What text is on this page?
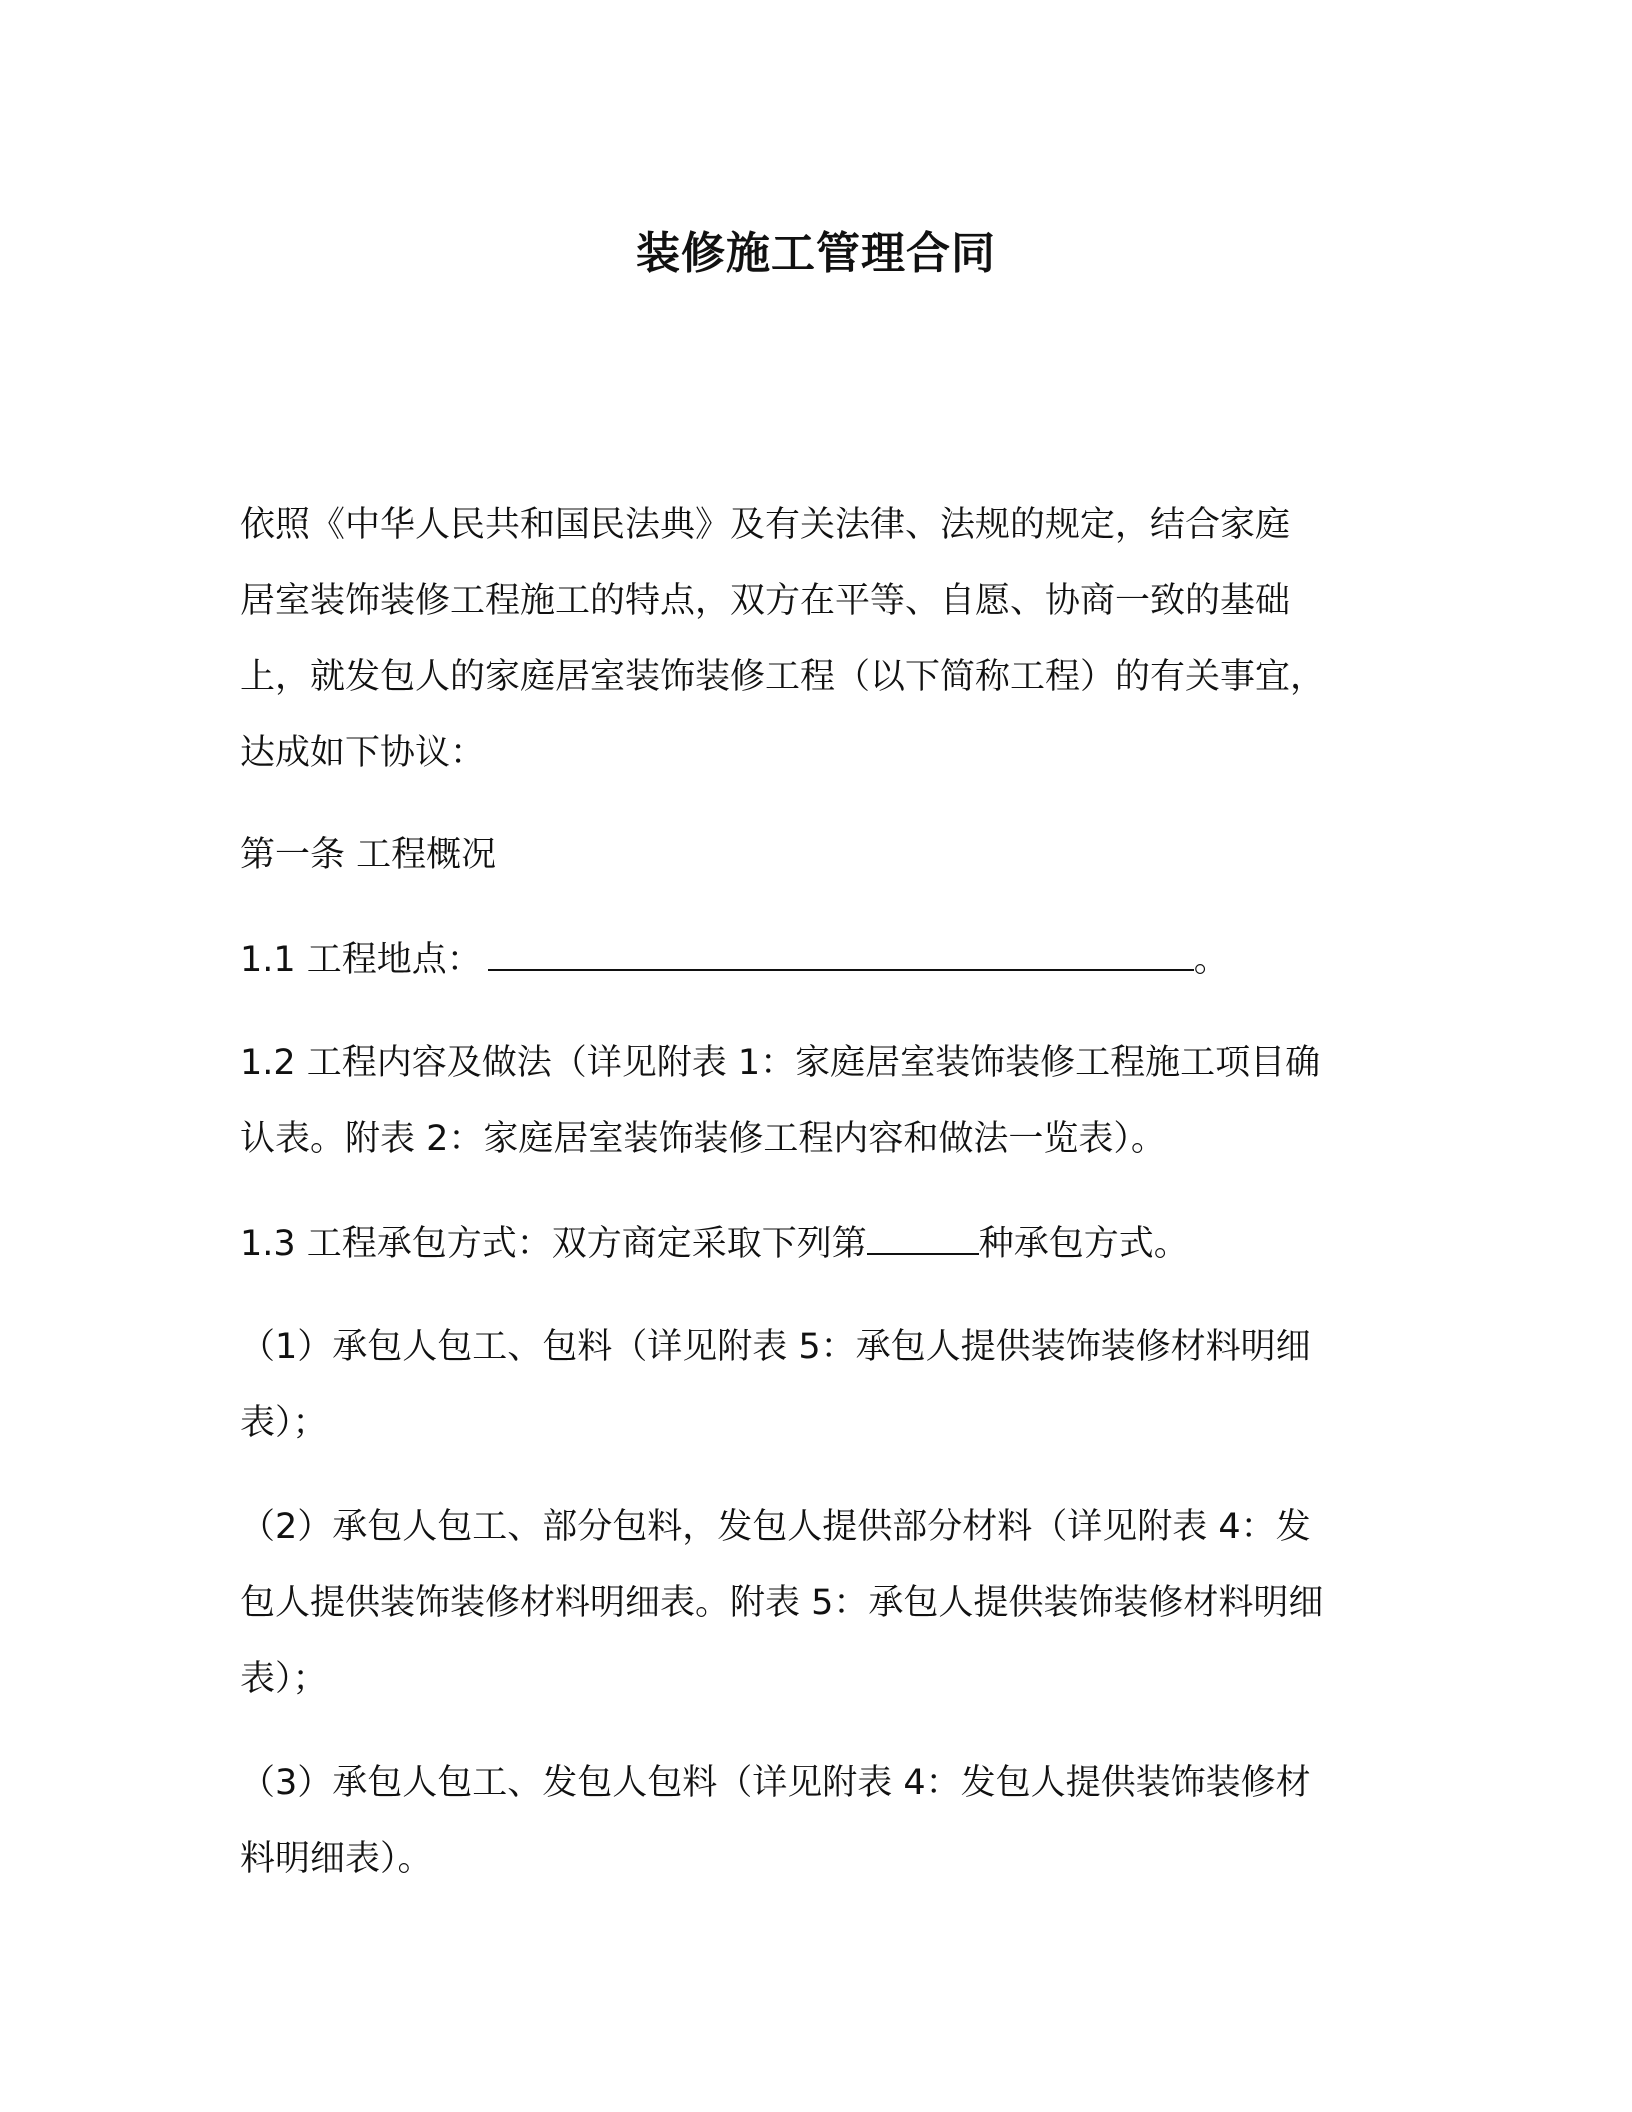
装修施工管理合同
依照《中华人民共和国民法典》及有关法律、法规的规定，结合家庭
居室装饰装修工程施工的特点，双方在平等、自愿、协商一致的基础
上，就发包人的家庭居室装饰装修工程（以下简称工程）的有关事宜，
达成如下协议：
第一条 工程概况
1.1 工程地点：	。
1.2 工程内容及做法（详见附表 1：家庭居室装饰装修工程施工项目确
认表。附表 2：家庭居室装饰装修工程内容和做法一览表）。
1.3 工程承包方式：双方商定采取下列第	种承包方式。
（1）承包人包工、包料（详见附表 5：承包人提供装饰装修材料明细
表）；
（2）承包人包工、部分包料，发包人提供部分材料（详见附表 4：发
包人提供装饰装修材料明细表。附表 5：承包人提供装饰装修材料明细
表）；
（3）承包人包工、发包人包料（详见附表 4：发包人提供装饰装修材
料明细表）。
